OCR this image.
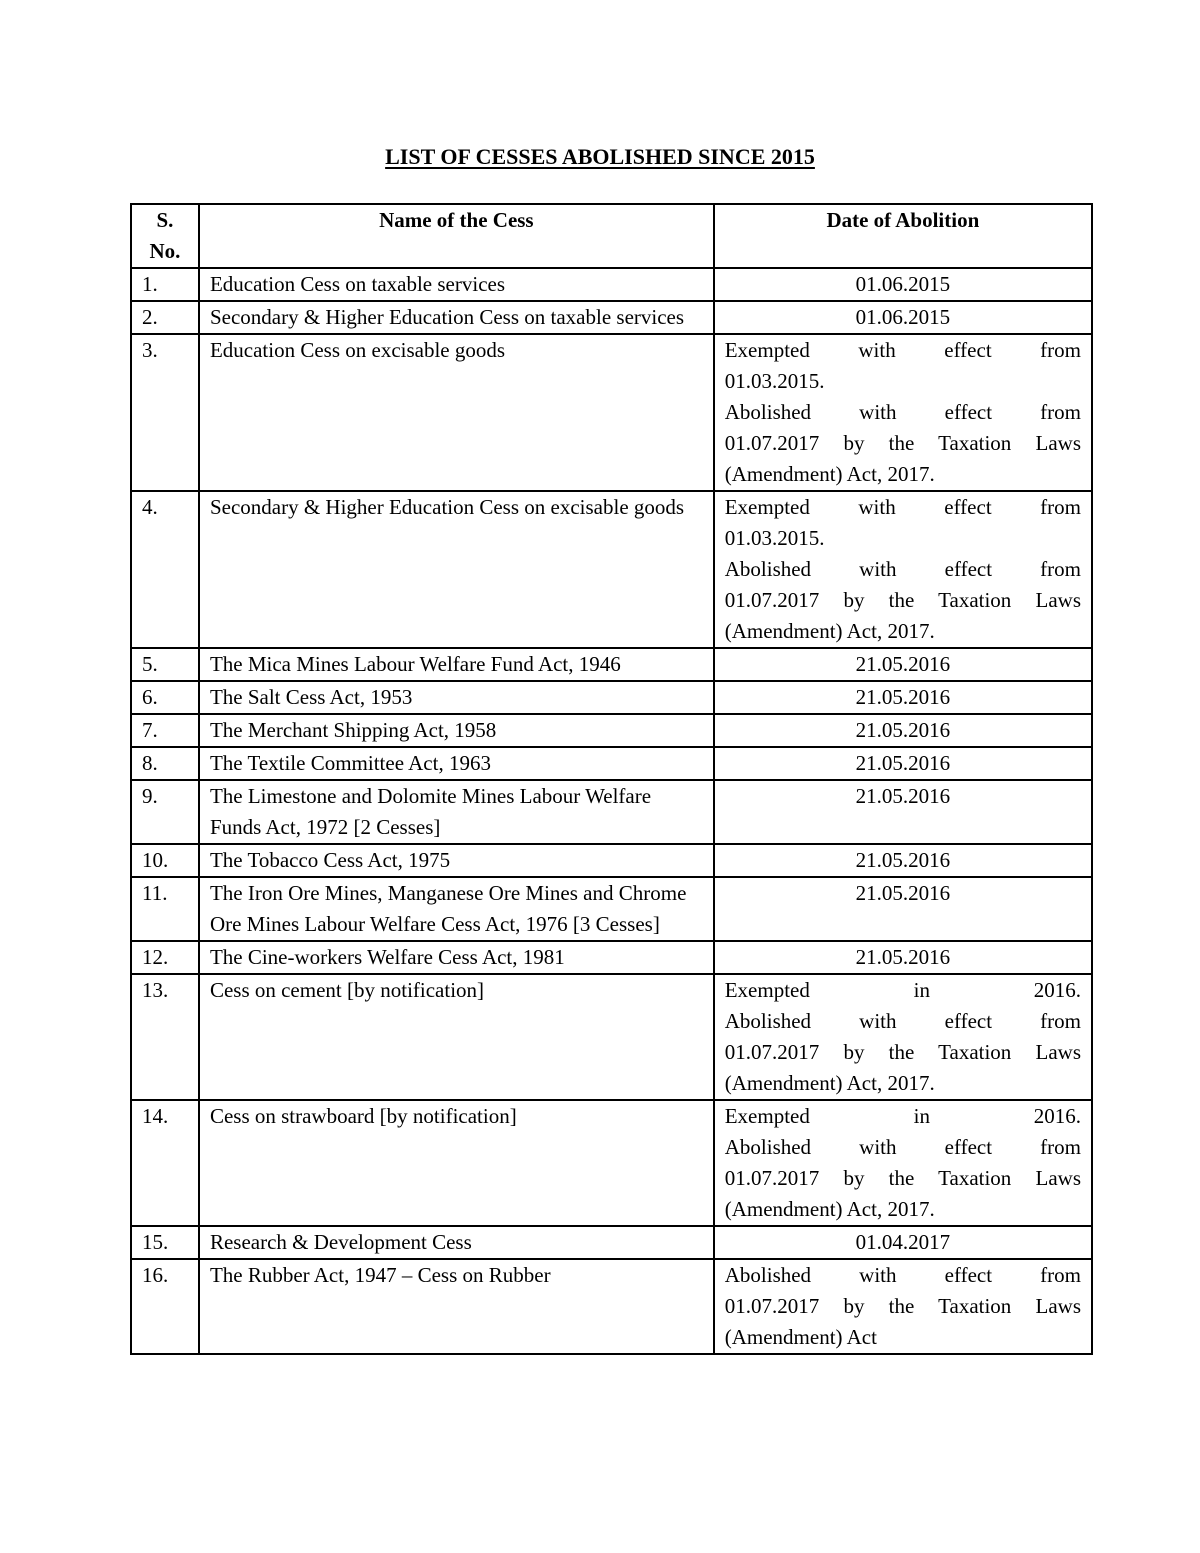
LIST OF CESSES ABOLISHED SINCE 2015
S.
No.	Name of the Cess	Date of Abolition
1.	Education Cess on taxable services	01.06.2015
2.	Secondary & Higher Education Cess on taxable services	01.06.2015
3.	Education Cess on excisable goods	Exempted with effect from
01.03.2015.
Abolished with effect from
01.07.2017 by the Taxation Laws
(Amendment) Act, 2017.

4.	Secondary & Higher Education Cess on excisable goods	Exempted with effect from
01.03.2015.
Abolished with effect from
01.07.2017 by the Taxation Laws
(Amendment) Act, 2017.

5.	The Mica Mines Labour Welfare Fund Act, 1946	21.05.2016
6.	The Salt Cess Act, 1953	21.05.2016
7.	The Merchant Shipping Act, 1958	21.05.2016
8.	The Textile Committee Act, 1963	21.05.2016
9.	The Limestone and Dolomite Mines Labour Welfare Funds Act, 1972 [2 Cesses]	21.05.2016
10.	The Tobacco Cess Act, 1975	21.05.2016
11.	The Iron Ore Mines, Manganese Ore Mines and Chrome Ore Mines Labour Welfare Cess Act, 1976 [3 Cesses]	21.05.2016
12.	The Cine-workers Welfare Cess Act, 1981	21.05.2016
13.	Cess on cement [by notification]	Exempted in 2016.
Abolished with effect from
01.07.2017 by the Taxation Laws
(Amendment) Act, 2017.

14.	Cess on strawboard [by notification]	Exempted in 2016.
Abolished with effect from
01.07.2017 by the Taxation Laws
(Amendment) Act, 2017.

15.	Research & Development Cess	01.04.2017
16.	The Rubber Act, 1947 – Cess on Rubber	Abolished with effect from
01.07.2017 by the Taxation Laws
(Amendment) Act
